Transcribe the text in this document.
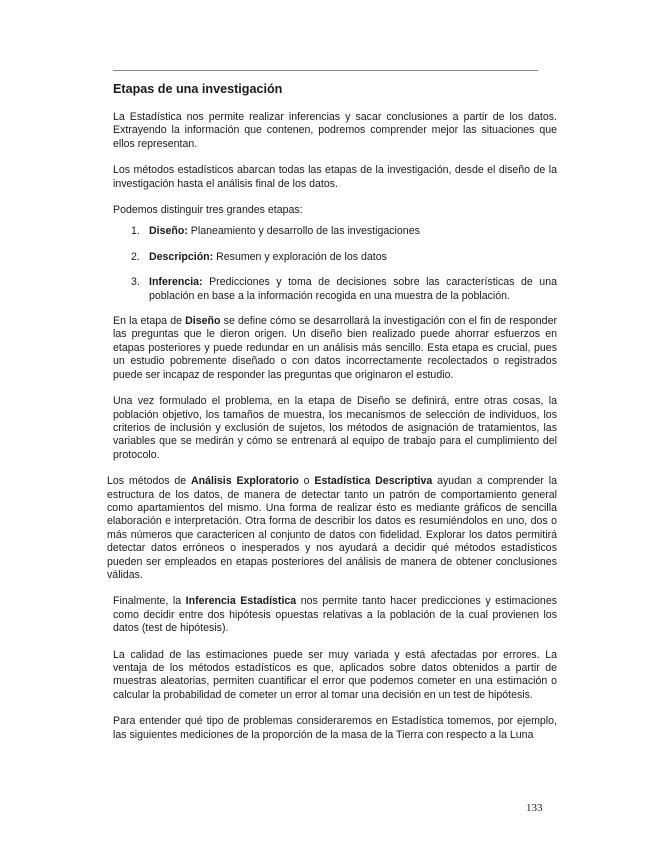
Etapas de una investigación

La Estadística nos permite realizar inferencias y sacar conclusiones a partir de los datos. Extrayendo la información que contenen, podremos comprender mejor las situaciones que ellos representan.

Los métodos estadísticos abarcan todas las etapas de la investigación, desde el diseño de la investigación hasta el análisis final de los datos.

Podemos distinguir tres grandes etapas:

1. Diseño: Planeamiento y desarrollo de las investigaciones
2. Descripción: Resumen y exploración de los datos
3. Inferencia: Predicciones y toma de decisiones sobre las características de una población en base a la información recogida en una muestra de la población.

En la etapa de Diseño se define cómo se desarrollará la investigación con el fin de responder las preguntas que le dieron origen. Un diseño bien realizado puede ahorrar esfuerzos en etapas posteriores y puede redundar en un análisis más sencillo. Esta etapa es crucial, pues un estudio pobremente diseñado o con datos incorrectamente recolectados o registrados puede ser incapaz de responder las preguntas que originaron el estudio.

Una vez formulado el problema, en la etapa de Diseño se definirá, entre otras cosas, la población objetivo, los tamaños de muestra, los mecanismos de selección de individuos, los criterios de inclusión y exclusión de sujetos, los métodos de asignación de tratamientos, las variables que se medirán y cómo se entrenará al equipo de trabajo para el cumplimiento del protocolo.

Los métodos de Análisis Exploratorio o Estadística Descriptiva ayudan a comprender la estructura de los datos, de manera de detectar tanto un patrón de comportamiento general como apartamientos del mismo. Una forma de realizar ésto es mediante gráficos de sencilla elaboración e interpretación. Otra forma de describir los datos es resumiéndolos en uno, dos o más números que caractericen al conjunto de datos con fidelidad. Explorar los datos permitirá detectar datos erróneos o inesperados y nos ayudará a decidir qué métodos estadísticos pueden ser empleados en etapas posteriores del análisis de manera de obtener conclusiones válidas.

Finalmente, la Inferencia Estadística nos permite tanto hacer predicciones y estimaciones como decidir entre dos hipótesis opuestas relativas a la población de la cual provienen los datos (test de hipótesis).

La calidad de las estimaciones puede ser muy variada y está afectadas por errores. La ventaja de los métodos estadísticos es que, aplicados sobre datos obtenidos a partir de muestras aleatorias, permiten cuantificar el error que podemos cometer en una estimación o calcular la probabilidad de cometer un error al tomar una decisión en un test de hipótesis.

Para entender qué tipo de problemas consideraremos en Estadística tomemos, por ejemplo, las siguientes mediciones de la proporción de la masa de la Tierra con respecto a la Luna

133
